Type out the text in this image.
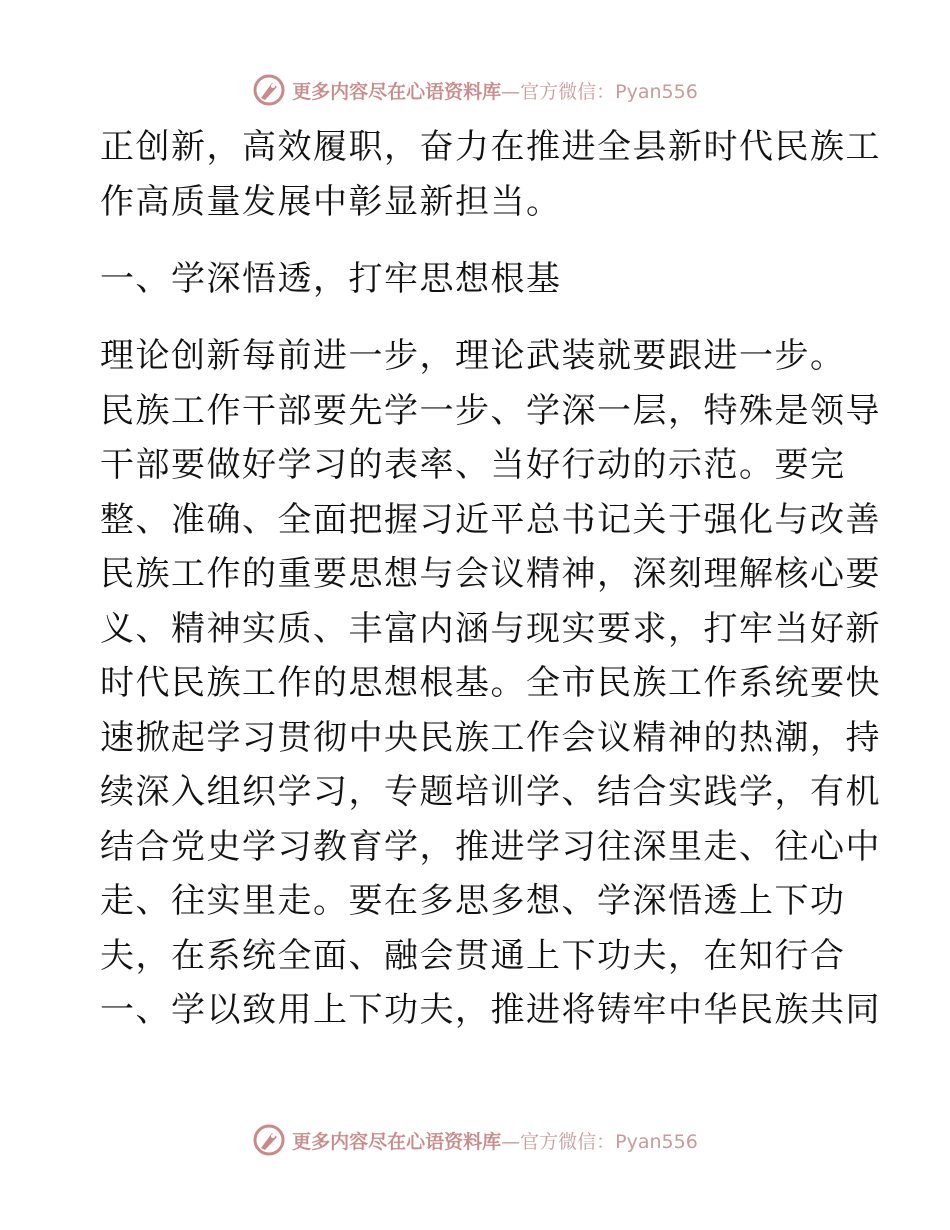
更多内容尽在心语资料库—官方微信：Pyan556
正创新，高效履职，奋力在推进全县新时代民族工
作高质量发展中彰显新担当。
一、学深悟透，打牢思想根基
理论创新每前进一步，理论武装就要跟进一步。
民族工作干部要先学一步、学深一层，特殊是领导
干部要做好学习的表率、当好行动的示范。要完
整、准确、全面把握习近平总书记关于强化与改善
民族工作的重要思想与会议精神，深刻理解核心要
义、精神实质、丰富内涵与现实要求，打牢当好新
时代民族工作的思想根基。全市民族工作系统要快
速掀起学习贯彻中央民族工作会议精神的热潮，持
续深入组织学习，专题培训学、结合实践学，有机
结合党史学习教育学，推进学习往深里走、往心中
走、往实里走。要在多思多想、学深悟透上下功
夫，在系统全面、融会贯通上下功夫，在知行合
一、学以致用上下功夫，推进将铸牢中华民族共同
更多内容尽在心语资料库—官方微信：Pyan556
